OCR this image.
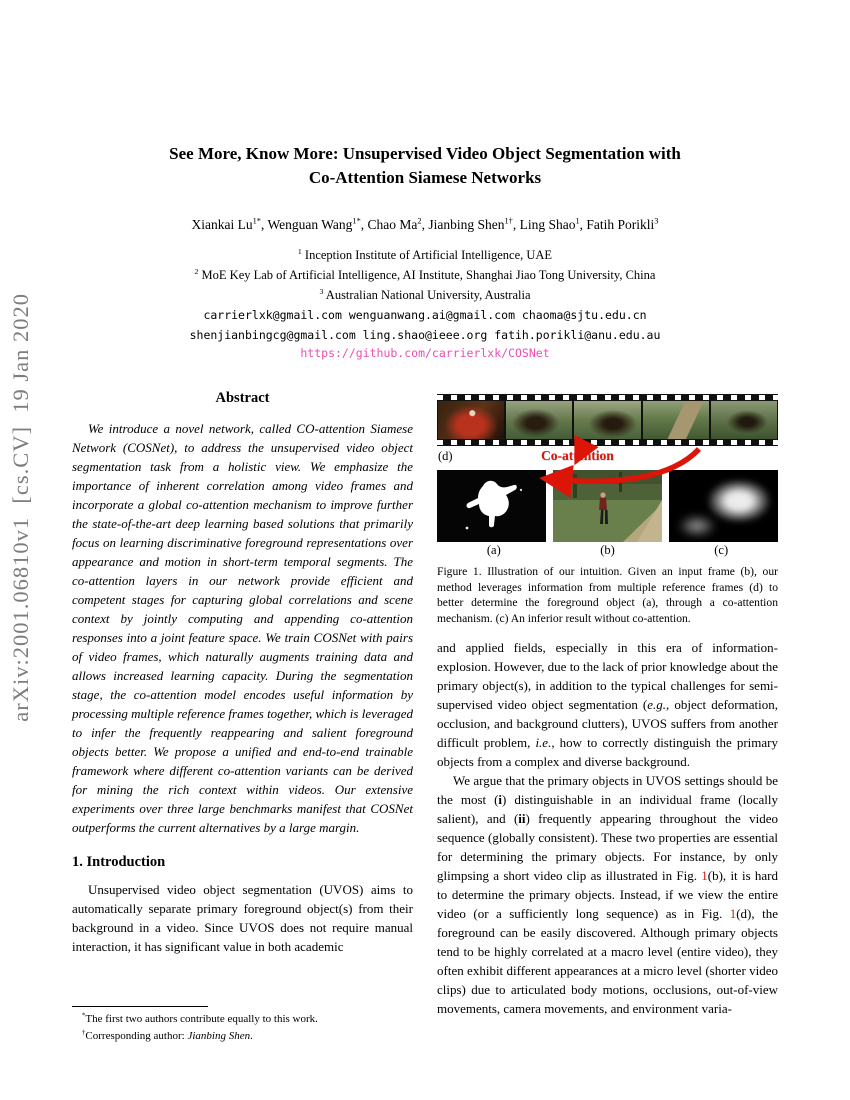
arXiv:2001.06810v1  [cs.CV]  19 Jan 2020
See More, Know More: Unsupervised Video Object Segmentation with
Co-Attention Siamese Networks
Xiankai $Lu^{1*}$, Wenguan Wang$^{1*}$, Chao Ma$^2$, Jianbing Shen$^{1\dagger}$, Ling Shao$^1$, Fatih Porikli$^3$
$^1$ Inception Institute of Artificial Intelligence, UAE
$^2$ MoE Key Lab of Artificial Intelligence, AI Institute, Shanghai Jiao Tong University, China
$^3$ Australian National University, Australia
carrierlxk@gmail.com wenguanwang.ai@gmail.com chaoma@sjtu.edu.cn
shenjianbingcg@gmail.com ling.shao@ieee.org fatih.porikli@anu.edu.au
https://github.com/carrierlxk/COSNet
Abstract

We introduce a novel network, called CO-attention Siamese Network (COSNet), to address the unsupervised video object segmentation task from a holistic view. We emphasize the importance of inherent correlation among video frames and incorporate a global co-attention mechanism to improve further the state-of-the-art deep learning based solutions that primarily focus on learning discriminative foreground representations over appearance and motion in short-term temporal segments. The co-attention layers in our network provide efficient and competent stages for capturing global correlations and scene context by jointly computing and appending co-attention responses into a joint feature space. We train COSNet with pairs of video frames, which naturally augments training data and allows increased learning capacity. During the segmentation stage, the co-attention model encodes useful information by processing multiple reference frames together, which is leveraged to infer the frequently reappearing and salient foreground objects better. We propose a unified and end-to-end trainable framework where different co-attention variants can be derived for mining the rich context within videos. Our extensive experiments over three large benchmarks manifest that COSNet outperforms the current alternatives by a large margin.

1. Introduction

Unsupervised video object segmentation (UVOS) aims to automatically separate primary foreground object(s) from their background in a video. Since UVOS does not require manual interaction, it has significant value in both academic

*The first two authors contribute equally to this work.

†Corresponding author: Jianbing Shen.

(d)	Co-attention
(a)	(b)	(c)
Figure 1. Illustration of our intuition. Given an input frame (b), our method leverages information from multiple reference frames (d) to better determine the foreground object (a), through a co-attention mechanism. (c) An inferior result without co-attention.

and applied fields, especially in this era of information-explosion. However, due to the lack of prior knowledge about the primary object(s), in addition to the typical challenges for semi-supervised video object segmentation (e.g., object deformation, occlusion, and background clutters), UVOS suffers from another difficult problem, i.e., how to correctly distinguish the primary objects from a complex and diverse background.

We argue that the primary objects in UVOS settings should be the most (i) distinguishable in an individual frame (locally salient), and (ii) frequently appearing throughout the video sequence (globally consistent). These two properties are essential for determining the primary objects. For instance, by only glimpsing a short video clip as illustrated in Fig. 1(b), it is hard to determine the primary objects. Instead, if we view the entire video (or a sufficiently long sequence) as in Fig. 1(d), the foreground can be easily discovered. Although primary objects tend to be highly correlated at a macro level (entire video), they often exhibit different appearances at a micro level (shorter video clips) due to articulated body motions, occlusions, out-of-view movements, camera movements, and environment varia-
